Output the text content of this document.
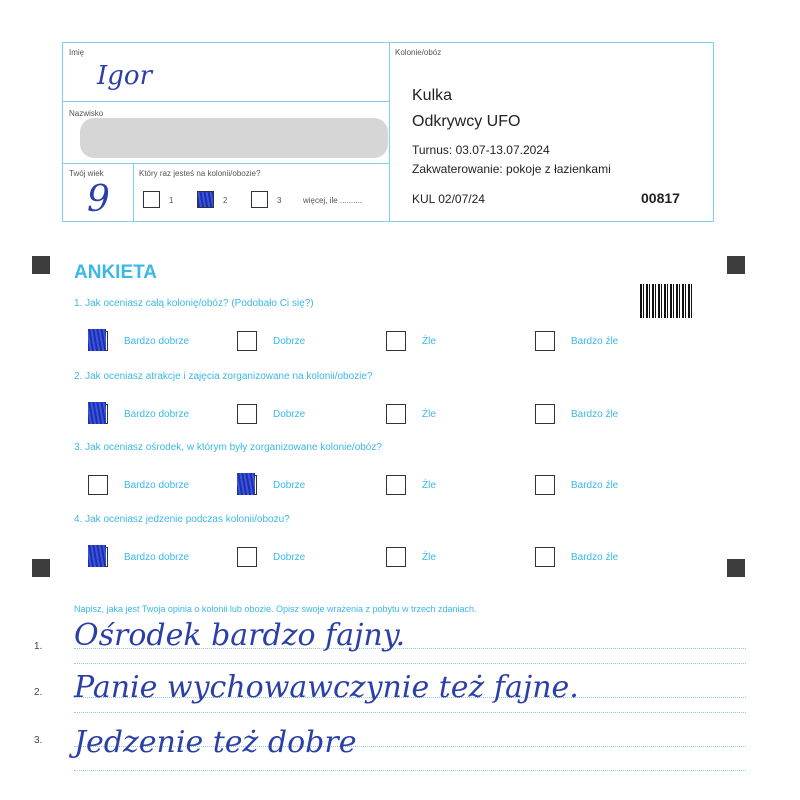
Imię
Igor
Nazwisko
Twój wiek
9
Który raz jesteś na kolonii/obozie?
1	2	3	więcej, ile ..........
Kolonie/obóz
Kulka
Odkrywcy UFO
Turnus: 03.07-13.07.2024
Zakwaterowanie: pokoje z łazienkami
KUL 02/07/24	00817
ANKIETA
1. Jak oceniasz całą kolonię/obóz? (Podobało Ci się?)
Bardzo dobrze	Dobrze	Źle	Bardzo źle
2. Jak oceniasz atrakcje i zajęcia zorganizowane na kolonii/obozie?
Bardzo dobrze	Dobrze	Źle	Bardzo źle
3. Jak oceniasz ośrodek, w którym były zorganizowane kolonie/obóz?
Bardzo dobrze	Dobrze	Źle	Bardzo źle
4. Jak oceniasz jedzenie podczas kolonii/obozu?
Bardzo dobrze	Dobrze	Źle	Bardzo źle
Napisz, jaka jest Twoja opinia o kolonii lub obozie. Opisz swoje wrażenia z pobytu w trzech zdaniach.
1.
2.
3.
Ośrodek bardzo fajny.
Panie wychowawczynie też fajne.
Jedzenie też dobre
